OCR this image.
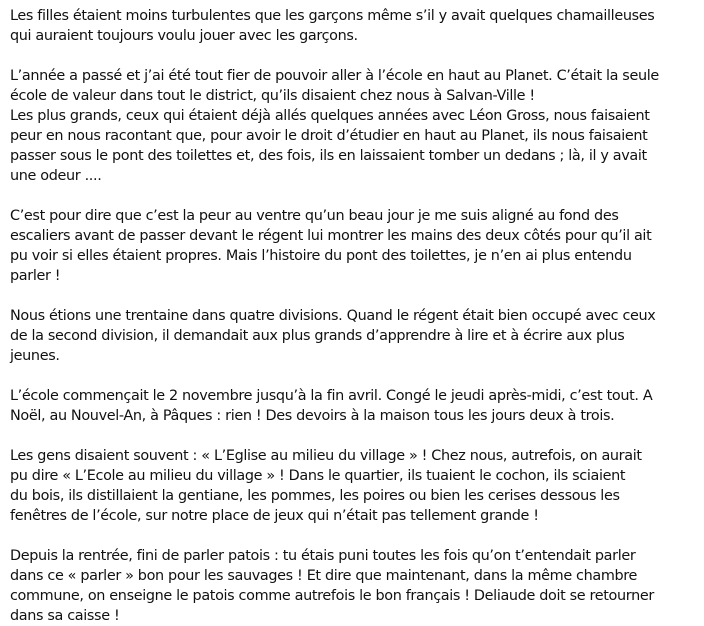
Les filles étaient moins turbulentes que les garçons même s’il y avait quelques chamailleuses
qui auraient toujours voulu jouer avec les garçons.
L’année a passé et j’ai été tout fier de pouvoir aller à l’école en haut au Planet. C’était la seule
école de valeur dans tout le district, qu’ils disaient chez nous à Salvan-Ville !
Les plus grands, ceux qui étaient déjà allés quelques années avec Léon Gross, nous faisaient
peur en nous racontant que, pour avoir le droit d’étudier en haut au Planet, ils nous faisaient
passer sous le pont des toilettes et, des fois, ils en laissaient tomber un dedans ; là, il y avait
une odeur ....
C’est pour dire que c’est la peur au ventre qu’un beau jour je me suis aligné au fond des
escaliers avant de passer devant le régent lui montrer les mains des deux côtés pour qu’il ait
pu voir si elles étaient propres. Mais l’histoire du pont des toilettes, je n’en ai plus entendu
parler !
Nous étions une trentaine dans quatre divisions. Quand le régent était bien occupé avec ceux
de la second division, il demandait aux plus grands d’apprendre à lire et à écrire aux plus
jeunes.
L’école commençait le 2 novembre jusqu’à la fin avril. Congé le jeudi après-midi, c’est tout. A
Noël, au Nouvel-An, à Pâques : rien ! Des devoirs à la maison tous les jours deux à trois.
Les gens disaient souvent : « L’Eglise au milieu du village » ! Chez nous, autrefois, on aurait
pu dire « L’Ecole au milieu du village » ! Dans le quartier, ils tuaient le cochon, ils sciaient
du bois, ils distillaient la gentiane, les pommes, les poires ou bien les cerises dessous les
fenêtres de l’école, sur notre place de jeux qui n’était pas tellement grande !
Depuis la rentrée, fini de parler patois : tu étais puni toutes les fois qu’on t’entendait parler
dans ce « parler » bon pour les sauvages ! Et dire que maintenant, dans la même chambre
commune, on enseigne le patois comme autrefois le bon français ! Deliaude doit se retourner
dans sa caisse !
